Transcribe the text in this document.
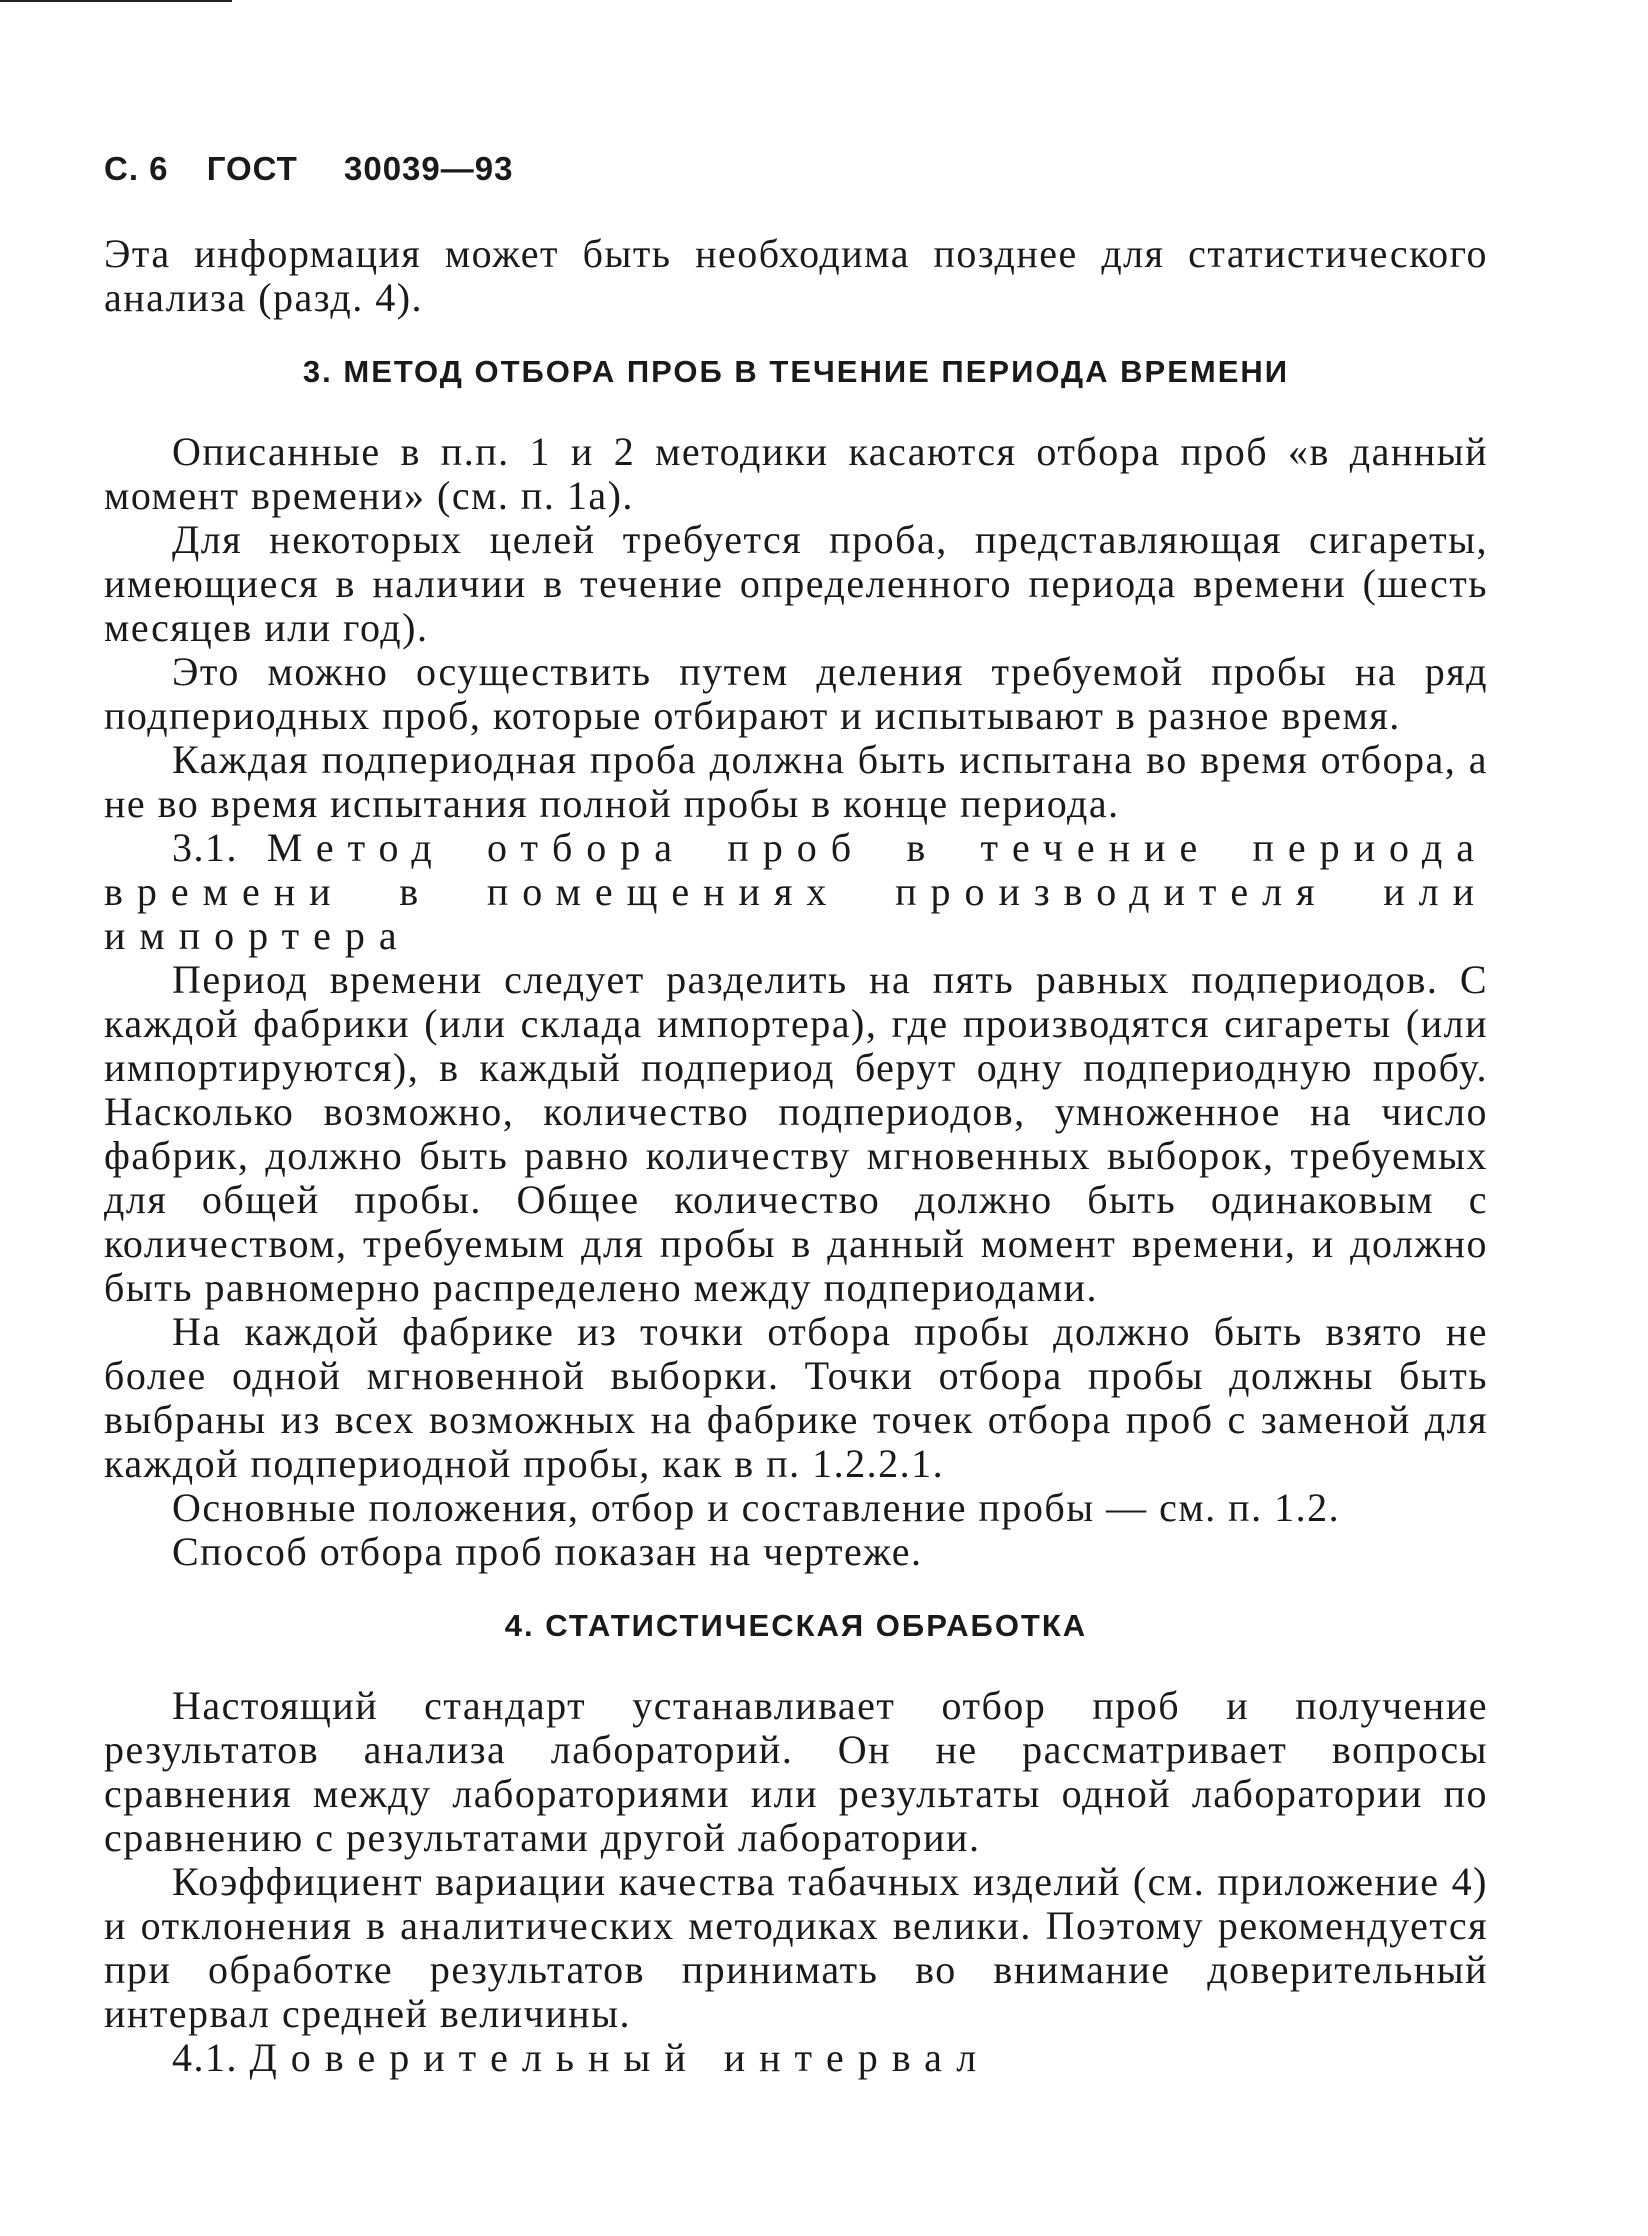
С. 6 ГОСТ 30039—93

Эта информация может быть необходима позднее для статистического анализа (разд. 4).

3. МЕТОД ОТБОРА ПРОБ В ТЕЧЕНИЕ ПЕРИОДА ВРЕМЕНИ

Описанные в п.п. 1 и 2 методики касаются отбора проб «в данный момент времени» (см. п. 1а).

Для некоторых целей требуется проба, представляющая сигареты, имеющиеся в наличии в течение определенного периода времени (шесть месяцев или год).

Это можно осуществить путем деления требуемой пробы на ряд подпериодных проб, которые отбирают и испытывают в разное время.

Каждая подпериодная проба должна быть испытана во время отбора, а не во время испытания полной пробы в конце периода.

3.1. Метод отбора проб в течение периода времени в помещениях производителя или импортера

Период времени следует разделить на пять равных подпериодов. С каждой фабрики (или склада импортера), где производятся сигареты (или импортируются), в каждый подпериод берут одну подпериодную пробу. Насколько возможно, количество подпериодов, умноженное на число фабрик, должно быть равно количеству мгновенных выборок, требуемых для общей пробы. Общее количество должно быть одинаковым с количеством, требуемым для пробы в данный момент времени, и должно быть равномерно распределено между подпериодами.

На каждой фабрике из точки отбора пробы должно быть взято не более одной мгновенной выборки. Точки отбора пробы должны быть выбраны из всех возможных на фабрике точек отбора проб с заменой для каждой подпериодной пробы, как в п. 1.2.2.1.

Основные положения, отбор и составление пробы — см. п. 1.2.

Способ отбора проб показан на чертеже.

4. СТАТИСТИЧЕСКАЯ ОБРАБОТКА

Настоящий стандарт устанавливает отбор проб и получение результатов анализа лабораторий. Он не рассматривает вопросы сравнения между лабораториями или результаты одной лаборатории по сравнению с результатами другой лаборатории.

Коэффициент вариации качества табачных изделий (см. приложение 4) и отклонения в аналитических методиках велики. Поэтому рекомендуется при обработке результатов принимать во внимание доверительный интервал средней величины.

4.1. Доверительный интервал
